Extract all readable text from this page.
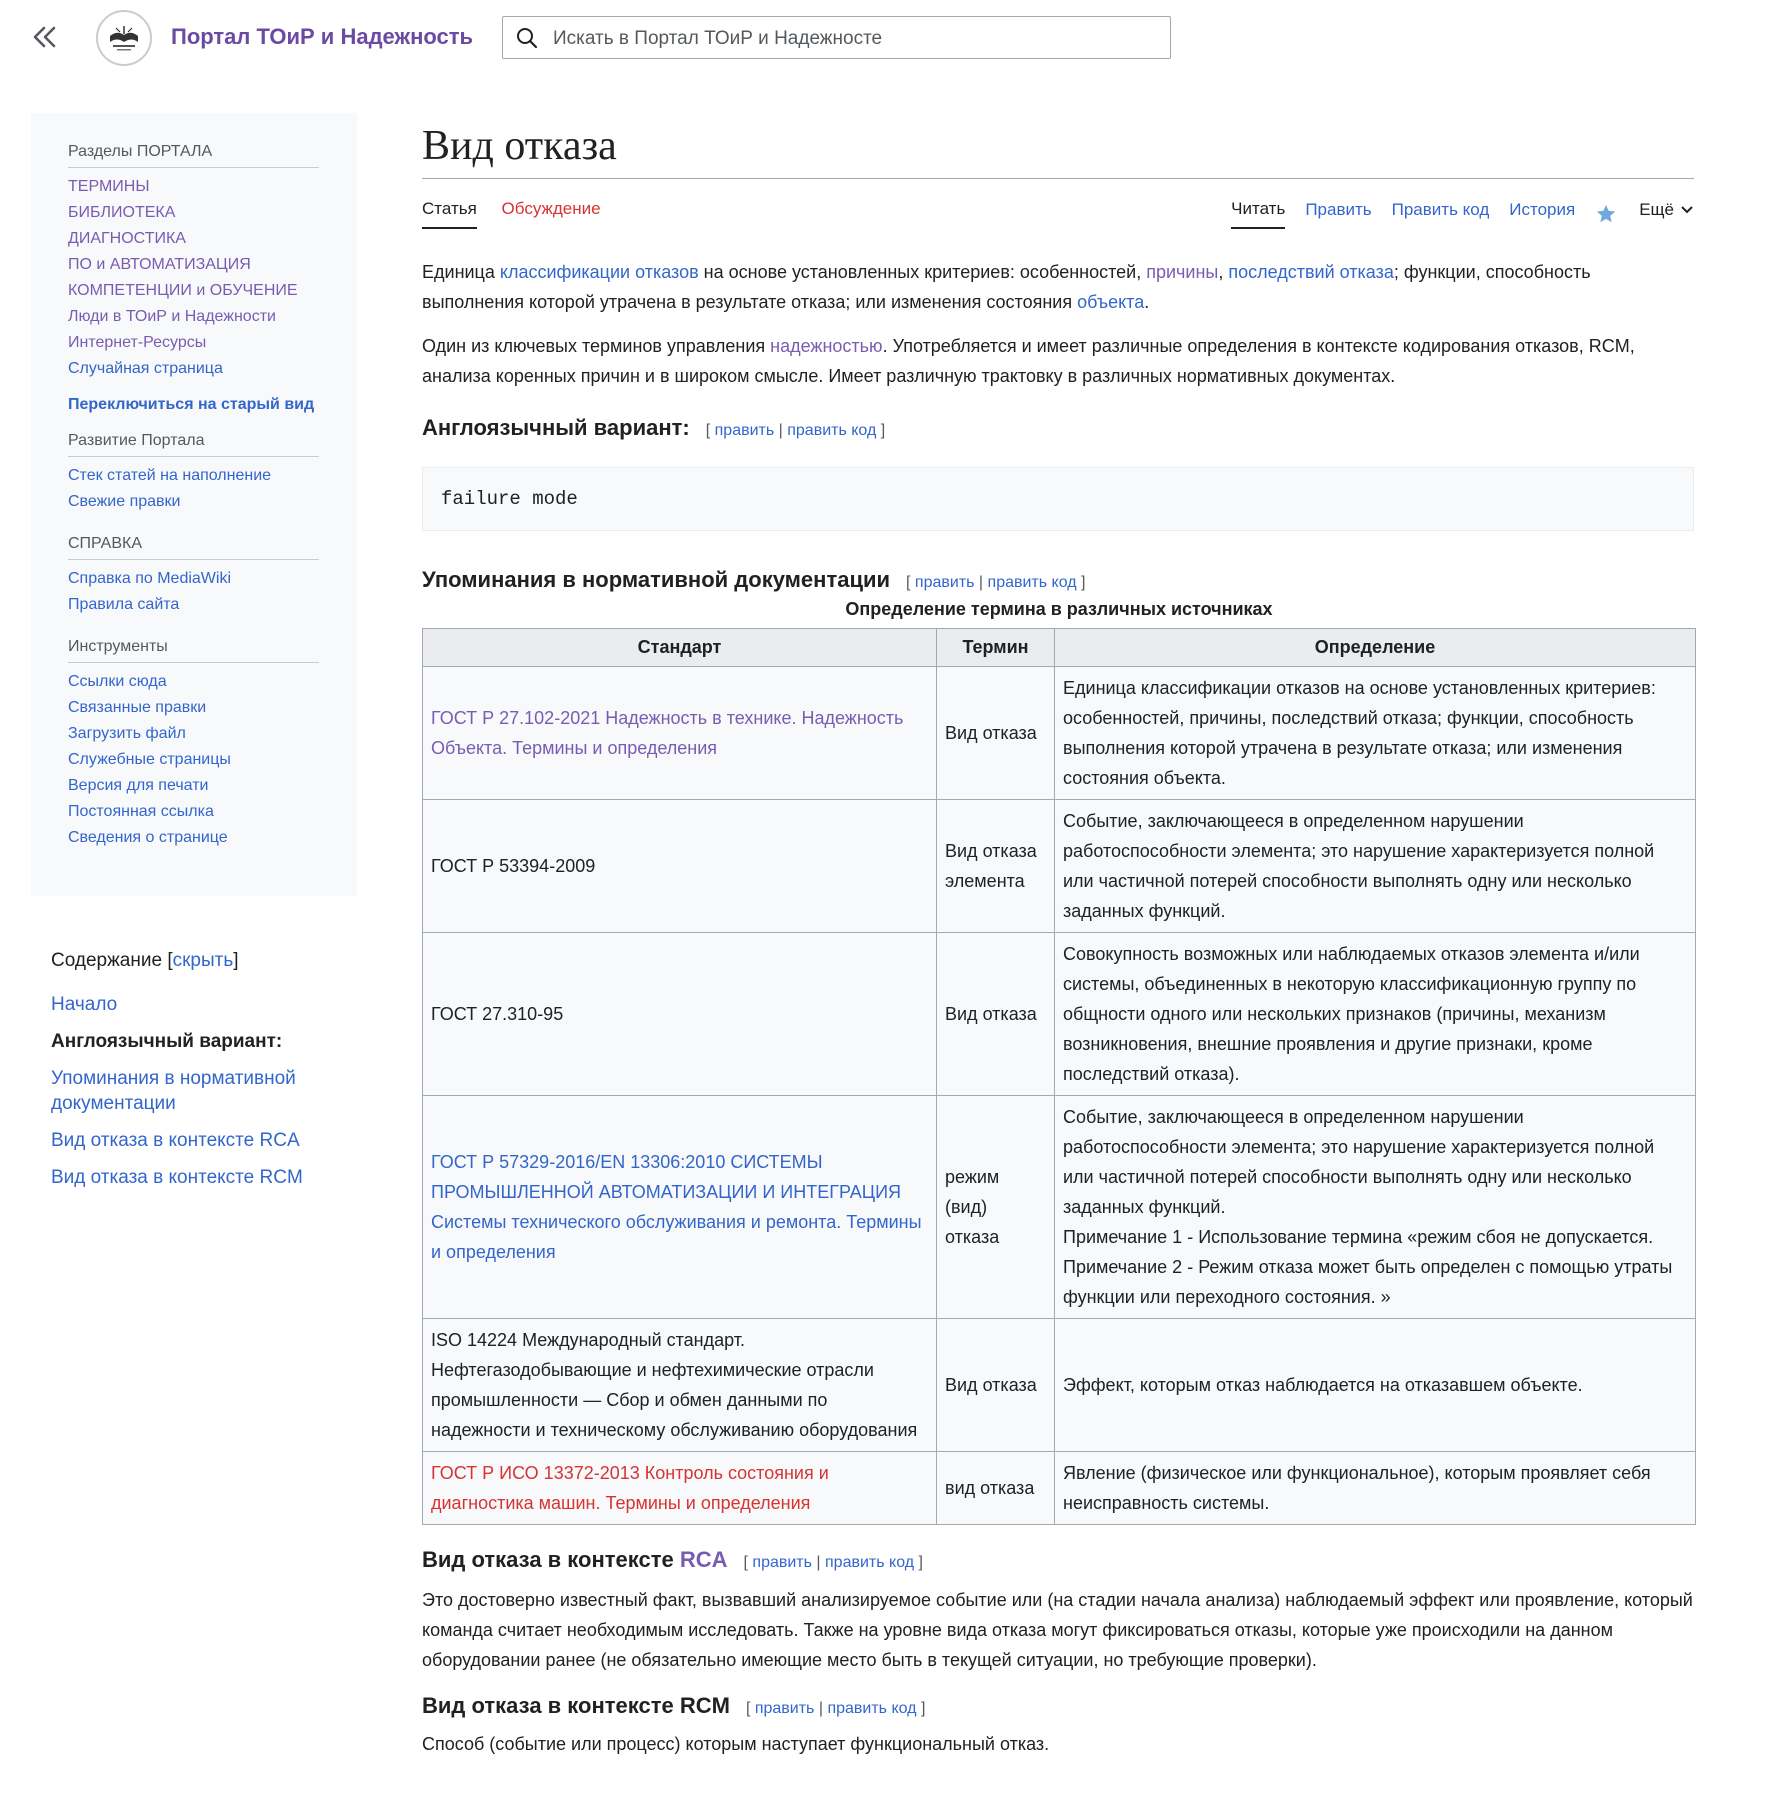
Портал ТОиР и Надежность
Искать в Портал ТОиР и Надежносте
Разделы ПОРТАЛА
ТЕРМИНЫ
БИБЛИОТЕКА
ДИАГНОСТИКА
ПО и АВТОМАТИЗАЦИЯ
КОМПЕТЕНЦИИ и ОБУЧЕНИЕ
Люди в ТОиР и Надежности
Интернет-Ресурсы
Случайная страница
Переключиться на старый вид
Развитие Портала
Стек статей на наполнение
Свежие правки
СПРАВКА
Справка по MediaWiki
Правила сайта
Инструменты
Ссылки сюда
Связанные правки
Загрузить файл
Служебные страницы
Версия для печати
Постоянная ссылка
Сведения о странице
Содержание [скрыть]
Начало
Англоязычный вариант:
Упоминания в нормативной документации
Вид отказа в контексте RCA
Вид отказа в контексте RCM
Вид отказа
Статья Обсуждение	Читать Править Править код История	Ещё

Единица классификации отказов на основе установленных критериев: особенностей, причины, последствий отказа; функции, способность выполнения которой утрачена в результате отказа; или изменения состояния объекта.

Один из ключевых терминов управления надежностью. Употребляется и имеет различные определения в контексте кодирования отказов, RCM, анализа коренных причин и в широком смысле. Имеет различную трактовку в различных нормативных документах.

Англоязычный вариант: [ править | править код ]
failure mode
Упоминания в нормативной документации [ править | править код ]
Определение термина в различных источниках
Стандарт	Термин	Определение
ГОСТ Р 27.102-2021 Надежность в технике. Надежность Объекта. Термины и определения	Вид отказа	Единица классификации отказов на основе установленных критериев: особенностей, причины, последствий отказа; функции, способность выполнения которой утрачена в результате отказа; или изменения состояния объекта.
ГОСТ Р 53394-2009	Вид отказа элемента	Событие, заключающееся в определенном нарушении работоспособности элемента; это нарушение характеризуется полной или частичной потерей способности выполнять одну или несколько заданных функций.
ГОСТ 27.310-95	Вид отказа	Совокупность возможных или наблюдаемых отказов элемента и/или системы, объединенных в некоторую классификационную группу по общности одного или нескольких признаков (причины, механизм возникновения, внешние проявления и другие признаки, кроме последствий отказа).
ГОСТ Р 57329-2016/EN 13306:2010 СИСТЕМЫ ПРОМЫШЛЕННОЙ АВТОМАТИЗАЦИИ И ИНТЕГРАЦИЯ Системы технического обслуживания и ремонта. Термины и определения	режим (вид) отказа	Событие, заключающееся в определенном нарушении работоспособности элемента; это нарушение характеризуется полной или частичной потерей способности выполнять одну или несколько заданных функций.
Примечание 1 - Использование термина «режим сбоя не допускается.
Примечание 2 - Режим отказа может быть определен с помощью утраты функции или переходного состояния. »

ISO 14224 Международный стандарт. Нефтегазодобывающие и нефтехимические отрасли промышленности — Сбор и обмен данными по надежности и техническому обслуживанию оборудования	Вид отказа	Эффект, которым отказ наблюдается на отказавшем объекте.
ГОСТ Р ИСО 13372-2013 Контроль состояния и диагностика машин. Термины и определения	вид отказа	Явление (физическое или функциональное), которым проявляет себя неисправность системы.
Вид отказа в контексте RCA [ править | править код ]

Это достоверно известный факт, вызвавший анализируемое событие или (на стадии начала анализа) наблюдаемый эффект или проявление, который команда считает необходимым исследовать. Также на уровне вида отказа могут фиксироваться отказы, которые уже происходили на данном оборудовании ранее (не обязательно имеющие место быть в текущей ситуации, но требующие проверки).

Вид отказа в контексте RCM [ править | править код ]

Способ (событие или процесс) которым наступает функциональный отказ.
